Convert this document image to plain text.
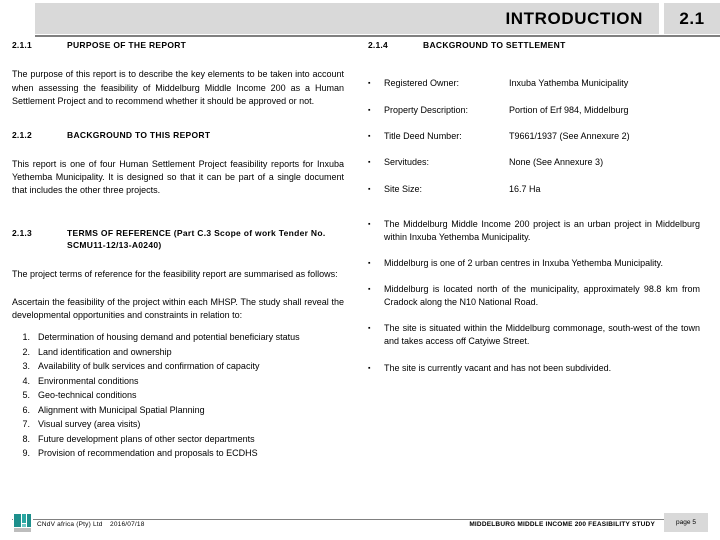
INTRODUCTION 2.1
2.1.1	PURPOSE OF THE REPORT

The purpose of this report is to describe the key elements to be taken into account when assessing the feasibility of Middelburg Middle Income 200 as a Human Settlement Project and to recommend whether it should be approved or not.

2.1.2	BACKGROUND TO THIS REPORT

This report is one of four Human Settlement Project feasibility reports for Inxuba Yethemba Municipality. It is designed so that it can be part of a single document that includes the other three projects.

2.1.3	TERMS OF REFERENCE (Part C.3 Scope of work Tender No. SCMU11-12/13-A0240)

The project terms of reference for the feasibility report are summarised as follows:

Ascertain the feasibility of the project within each MHSP. The study shall reveal the developmental opportunities and constraints in relation to:

1. Determination of housing demand and potential beneficiary status
2. Land identification and ownership
3. Availability of bulk services and confirmation of capacity
4. Environmental conditions
5. Geo-technical conditions
6. Alignment with Municipal Spatial Planning
7. Visual survey (area visits)
8. Future development plans of other sector departments
9. Provision of recommendation and proposals to ECDHS
2.1.4	BACKGROUND TO SETTLEMENT
▪	Registered Owner:	Inxuba Yathemba Municipality
▪	Property Description:	Portion of Erf 984, Middelburg
▪	Title Deed Number:	T9661/1937 (See Annexure 2)
▪	Servitudes:	None (See Annexure 3)
▪	Site Size:	16.7 Ha
▪	The Middelburg Middle Income 200 project is an urban project in Middelburg within Inxuba Yethemba Municipality.
▪	Middelburg is one of 2 urban centres in Inxuba Yethemba Municipality.
▪	Middelburg is located north of the municipality, approximately 98.8 km from Cradock along the N10 National Road.
▪	The site is situated within the Middelburg commonage, south-west of the town and takes access off Catyiwe Street.
▪	The site is currently vacant and has not been subdivided.
CNdV africa (Pty) Ltd 2016/07/18	MIDDELBURG MIDDLE INCOME 200 FEASIBILITY STUDY	page 5
